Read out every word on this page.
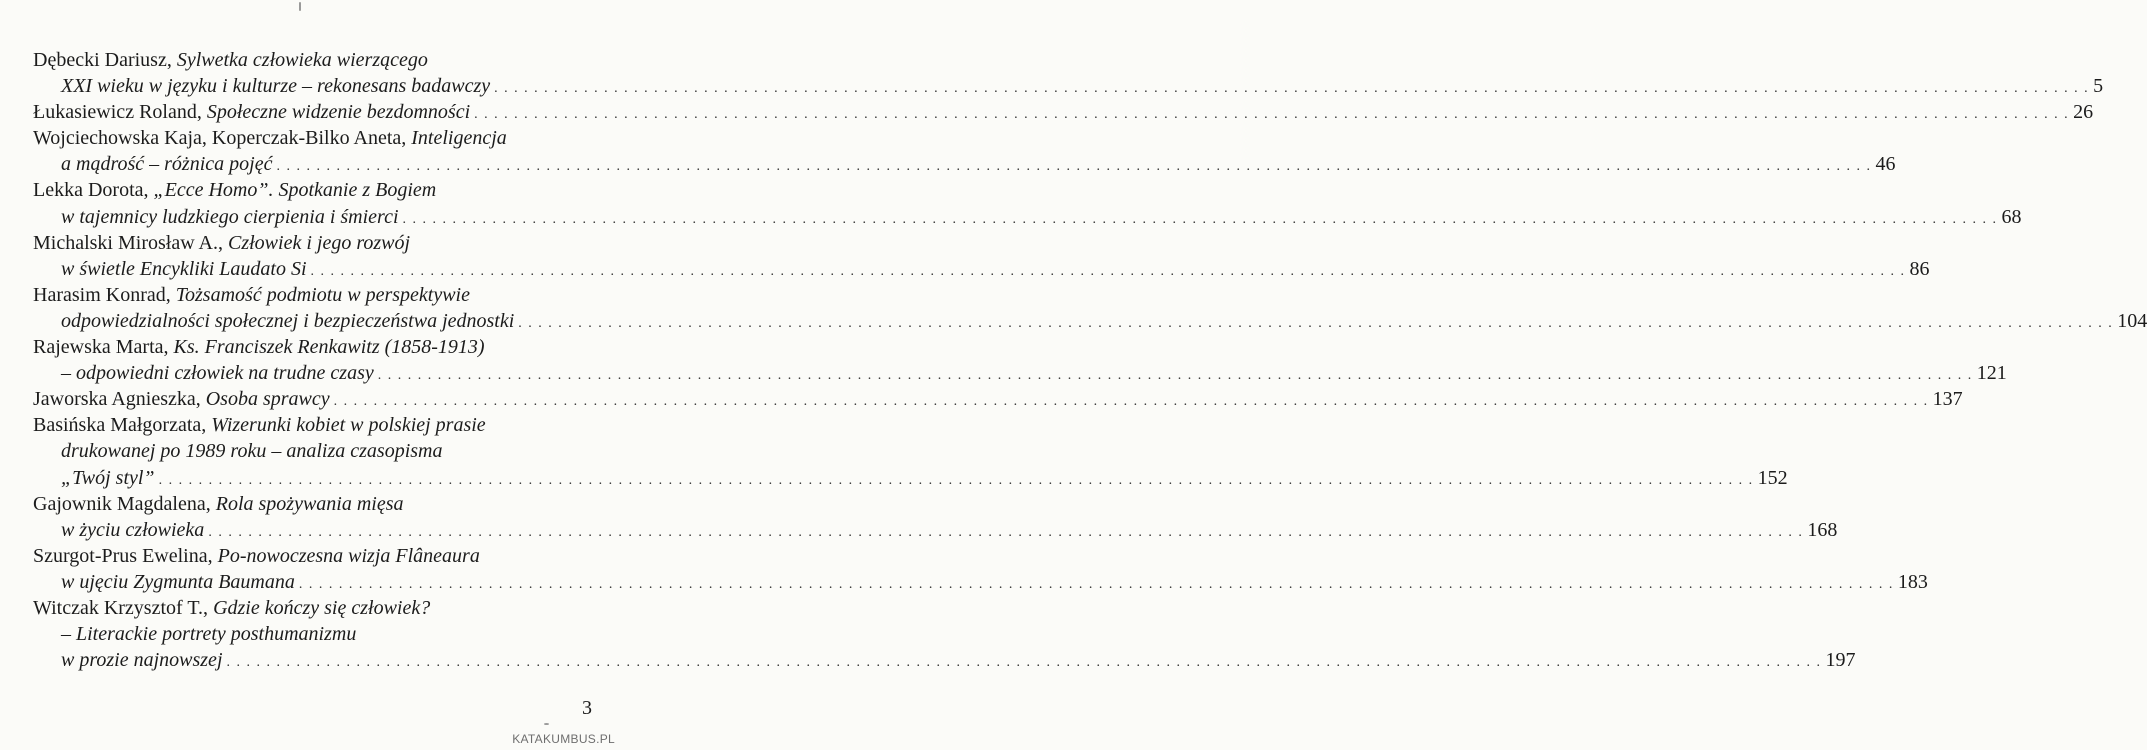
Dębecki Dariusz, Sylwetka człowieka wierzącego
XXI wieku w języku i kulturze – rekonesans badawczy . . . . . . . . . . . . . . . . . . . . . . . . . . . . . . . . . . . . . . . . . . . . . . . . . . . . . . . . . . . . . . . . . . . . . . . . . . . . . . . . . . . . . . . . . . . . . . . . . . . . . . . . . . . . . . . . . . . . . . . . . . . . . . . . . . . . . . . . . . . . . . . . . . . . . . . . . . . . . . . . 5
Łukasiewicz Roland, Społeczne widzenie bezdomności . . . . . . . . . . . . . . . . . . . . . . . . . . . . . . . . . . . . . . . . . . . . . . . . . . . . . . . . . . . . . . . . . . . . . . . . . . . . . . . . . . . . . . . . . . . . . . . . . . . . . . . . . . . . . . . . . . . . . . . . . . . . . . . . . . . . . . . . . . . . . . . . . . . . . . . . . . . . . . . . 26
Wojciechowska Kaja, Koperczak-Bilko Aneta, Inteligencja
a mądrość – różnica pojęć . . . . . . . . . . . . . . . . . . . . . . . . . . . . . . . . . . . . . . . . . . . . . . . . . . . . . . . . . . . . . . . . . . . . . . . . . . . . . . . . . . . . . . . . . . . . . . . . . . . . . . . . . . . . . . . . . . . . . . . . . . . . . . . . . . . . . . . . . . . . . . . . . . . . . . . . . . . . . . . . 46
Lekka Dorota, „Ecce Homo”. Spotkanie z Bogiem
w tajemnicy ludzkiego cierpienia i śmierci . . . . . . . . . . . . . . . . . . . . . . . . . . . . . . . . . . . . . . . . . . . . . . . . . . . . . . . . . . . . . . . . . . . . . . . . . . . . . . . . . . . . . . . . . . . . . . . . . . . . . . . . . . . . . . . . . . . . . . . . . . . . . . . . . . . . . . . . . . . . . . . . . . . . . . . . . . . . . . . . 68
Michalski Mirosław A., Człowiek i jego rozwój
w świetle Encykliki Laudato Si . . . . . . . . . . . . . . . . . . . . . . . . . . . . . . . . . . . . . . . . . . . . . . . . . . . . . . . . . . . . . . . . . . . . . . . . . . . . . . . . . . . . . . . . . . . . . . . . . . . . . . . . . . . . . . . . . . . . . . . . . . . . . . . . . . . . . . . . . . . . . . . . . . . . . . . . . . . . . . . . 86
Harasim Konrad, Tożsamość podmiotu w perspektywie
odpowiedzialności społecznej i bezpieczeństwa jednostki . . . . . . . . . . . . . . . . . . . . . . . . . . . . . . . . . . . . . . . . . . . . . . . . . . . . . . . . . . . . . . . . . . . . . . . . . . . . . . . . . . . . . . . . . . . . . . . . . . . . . . . . . . . . . . . . . . . . . . . . . . . . . . . . . . . . . . . . . . . . . . . . . . . . . . . . . . . . . . . . 104
Rajewska Marta, Ks. Franciszek Renkawitz (1858-1913)
– odpowiedni człowiek na trudne czasy . . . . . . . . . . . . . . . . . . . . . . . . . . . . . . . . . . . . . . . . . . . . . . . . . . . . . . . . . . . . . . . . . . . . . . . . . . . . . . . . . . . . . . . . . . . . . . . . . . . . . . . . . . . . . . . . . . . . . . . . . . . . . . . . . . . . . . . . . . . . . . . . . . . . . . . . . . . . . . . . 121
Jaworska Agnieszka, Osoba sprawcy . . . . . . . . . . . . . . . . . . . . . . . . . . . . . . . . . . . . . . . . . . . . . . . . . . . . . . . . . . . . . . . . . . . . . . . . . . . . . . . . . . . . . . . . . . . . . . . . . . . . . . . . . . . . . . . . . . . . . . . . . . . . . . . . . . . . . . . . . . . . . . . . . . . . . . . . . . . . . . . . 137
Basińska Małgorzata, Wizerunki kobiet w polskiej prasie
drukowanej po 1989 roku – analiza czasopisma
„Twój styl” . . . . . . . . . . . . . . . . . . . . . . . . . . . . . . . . . . . . . . . . . . . . . . . . . . . . . . . . . . . . . . . . . . . . . . . . . . . . . . . . . . . . . . . . . . . . . . . . . . . . . . . . . . . . . . . . . . . . . . . . . . . . . . . . . . . . . . . . . . . . . . . . . . . . . . . . . . . . . . . . 152
Gajownik Magdalena, Rola spożywania mięsa
w życiu człowieka . . . . . . . . . . . . . . . . . . . . . . . . . . . . . . . . . . . . . . . . . . . . . . . . . . . . . . . . . . . . . . . . . . . . . . . . . . . . . . . . . . . . . . . . . . . . . . . . . . . . . . . . . . . . . . . . . . . . . . . . . . . . . . . . . . . . . . . . . . . . . . . . . . . . . . . . . . . . . . . . 168
Szurgot-Prus Ewelina, Po-nowoczesna wizja Flâneaura
w ujęciu Zygmunta Baumana . . . . . . . . . . . . . . . . . . . . . . . . . . . . . . . . . . . . . . . . . . . . . . . . . . . . . . . . . . . . . . . . . . . . . . . . . . . . . . . . . . . . . . . . . . . . . . . . . . . . . . . . . . . . . . . . . . . . . . . . . . . . . . . . . . . . . . . . . . . . . . . . . . . . . . . . . . . . . . . . 183
Witczak Krzysztof T., Gdzie kończy się człowiek?
– Literackie portrety posthumanizmu
w prozie najnowszej . . . . . . . . . . . . . . . . . . . . . . . . . . . . . . . . . . . . . . . . . . . . . . . . . . . . . . . . . . . . . . . . . . . . . . . . . . . . . . . . . . . . . . . . . . . . . . . . . . . . . . . . . . . . . . . . . . . . . . . . . . . . . . . . . . . . . . . . . . . . . . . . . . . . . . . . . . . . . . . . 197
3
KATAKUMBUS.PL
